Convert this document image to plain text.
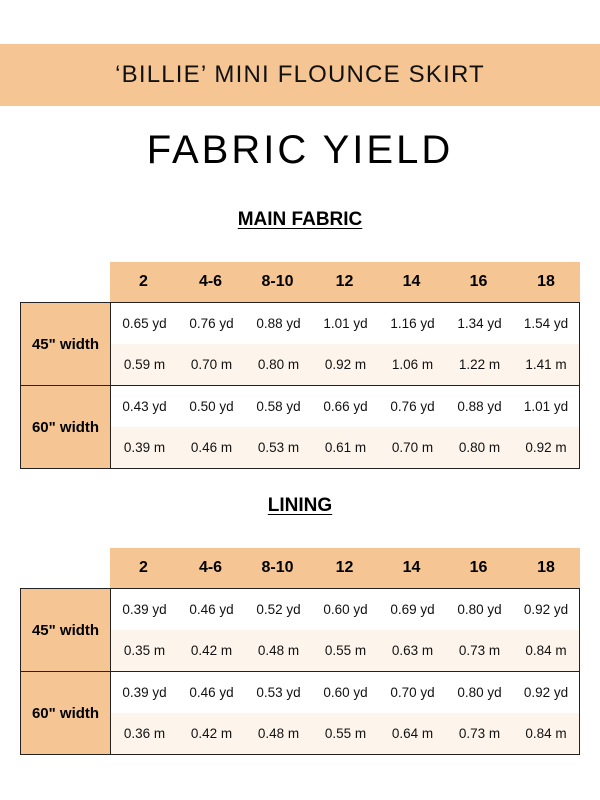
‘BILLIE’ MINI FLOUNCE SKIRT
FABRIC YIELD
MAIN FABRIC
2	4-6	8-10	12	14	16	18
45" width
0.65 yd	0.76 yd	0.88 yd	1.01 yd	1.16 yd	1.34 yd	1.54 yd
0.59 m	0.70 m	0.80 m	0.92 m	1.06 m	1.22 m	1.41 m
60" width
0.43 yd	0.50 yd	0.58 yd	0.66 yd	0.76 yd	0.88 yd	1.01 yd
0.39 m	0.46 m	0.53 m	0.61 m	0.70 m	0.80 m	0.92 m
LINING
2	4-6	8-10	12	14	16	18
45" width
0.39 yd	0.46 yd	0.52 yd	0.60 yd	0.69 yd	0.80 yd	0.92 yd
0.35 m	0.42 m	0.48 m	0.55 m	0.63 m	0.73 m	0.84 m
60" width
0.39 yd	0.46 yd	0.53 yd	0.60 yd	0.70 yd	0.80 yd	0.92 yd
0.36 m	0.42 m	0.48 m	0.55 m	0.64 m	0.73 m	0.84 m
